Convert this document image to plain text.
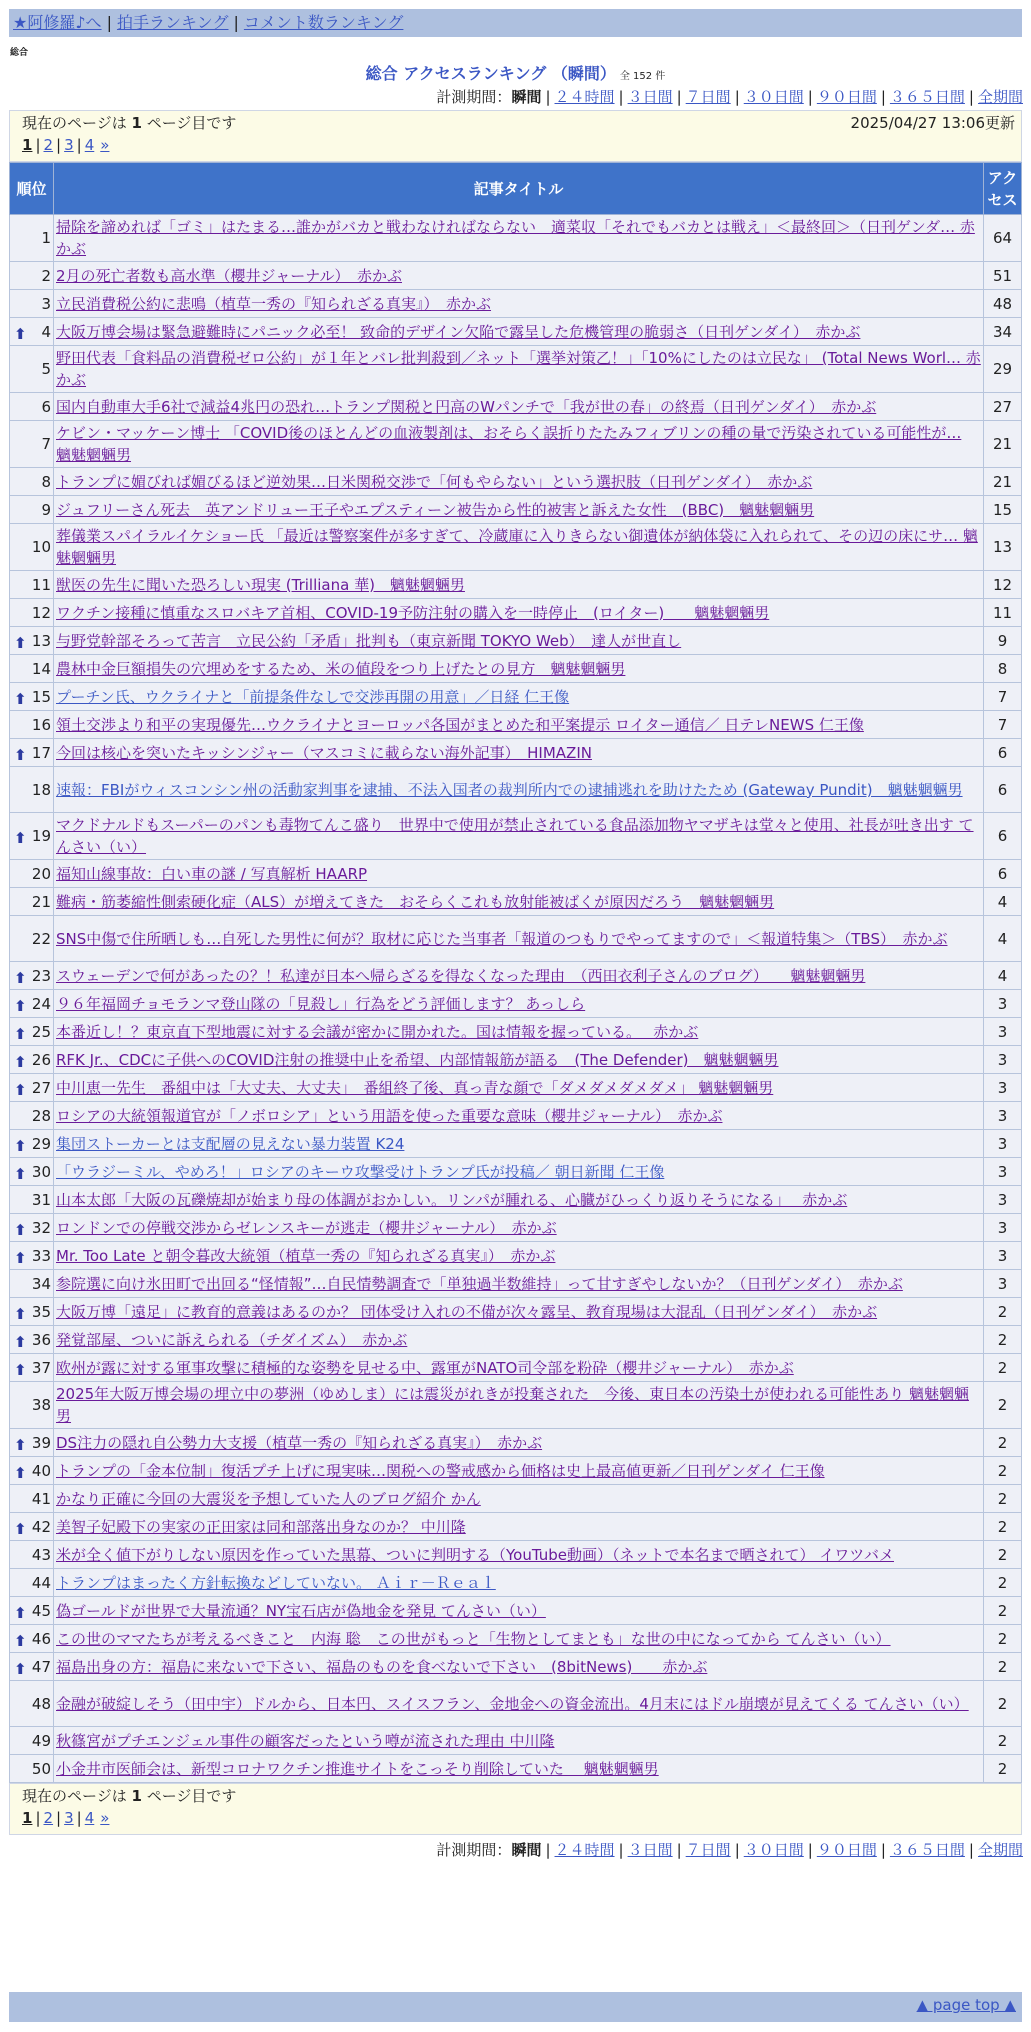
★阿修羅♪へ | 拍手ランキング | コメント数ランキング
総合
総合 アクセスランキング （瞬間） 全 152 件
計測期間：瞬間 | ２４時間 | ３日間 | ７日間 | ３０日間 | ９０日間 | ３６５日間 | 全期間
現在のページは 1 ページ目です	2025/04/27 13:06更新
1 | 2 | 3 | 4 »
順位	記事タイトル	アクセス
1	掃除を諦めれば「ゴミ」はたまる…誰かがバカと戦わなければならない　適菜収「それでもバカとは戦え」＜最終回＞（日刊ゲンダ… 赤かぶ	64
2	2月の死亡者数も高水準（櫻井ジャーナル）　赤かぶ	51
3	立民消費税公約に悲鳴（植草一秀の『知られざる真実』）　赤かぶ	48

⬆ 4	大阪万博会場は緊急避難時にパニック必至！ 致命的デザイン欠陥で露呈した危機管理の脆弱さ（日刊ゲンダイ）　赤かぶ	34
5	野田代表「食料品の消費税ゼロ公約」が１年とバレ批判殺到／ネット「選挙対策乙！」「10%にしたのは立民な」 (Total News Worl… 赤かぶ	29
6	国内自動車大手6社で減益4兆円の恐れ…トランプ関税と円高のWパンチで「我が世の春」の終焉（日刊ゲンダイ）　赤かぶ	27
7	ケビン・マッケーン博士 「COVID後のほとんどの血液製剤は、おそらく誤折りたたみフィブリンの種の量で汚染されている可能性が… 魑魅魍魎男	21
8	トランプに媚びれば媚びるほど逆効果…日米関税交渉で「何もやらない」という選択肢（日刊ゲンダイ）　赤かぶ	21
9	ジュフリーさん死去　英アンドリュー王子やエプスティーン被告から性的被害と訴えた女性　(BBC)　魑魅魍魎男	15
10	葬儀業スパイラルイケショー氏 「最近は警察案件が多すぎて、冷蔵庫に入りきらない御遺体が納体袋に入れられて、その辺の床にサ… 魑魅魍魎男	13
11	獣医の先生に聞いた恐ろしい現実 (Trilliana 華)　魑魅魍魎男	12
12	ワクチン接種に慎重なスロバキア首相、COVID-19予防注射の購入を一時停止　(ロイター)　　魑魅魍魎男	11

⬆ 13	与野党幹部そろって苦言　立民公約「矛盾」批判も（東京新聞 TOKYO Web）　達人が世直し	9
14	農林中金巨額損失の穴埋めをするため、米の値段をつり上げたとの見方　魑魅魍魎男	8

⬆ 15	プーチン氏、ウクライナと「前提条件なしで交渉再開の用意」／日経 仁王像	7
16	領土交渉より和平の実現優先…ウクライナとヨーロッパ各国がまとめた和平案提示 ロイター通信／ 日テレNEWS 仁王像	7

⬆ 17	今回は核心を突いたキッシンジャー（マスコミに載らない海外記事）　HIMAZIN	6
18	速報：FBIがウィスコンシン州の活動家判事を逮捕、不法入国者の裁判所内での逮捕逃れを助けたため (Gateway Pundit)　魑魅魍魎男	6

⬆ 19	マクドナルドもスーパーのパンも毒物てんこ盛り　世界中で使用が禁止されている食品添加物ヤマザキは堂々と使用、社長が吐き出す てんさい（い）	6
20	福知山線事故：白い車の謎 / 写真解析 HAARP	6
21	難病・筋萎縮性側索硬化症（ALS）が増えてきた　おそらくこれも放射能被ばくが原因だろう　魑魅魍魎男	4
22	SNS中傷で住所晒しも…自死した男性に何が？取材に応じた当事者「報道のつもりでやってますので」＜報道特集＞（TBS）　赤かぶ	4

⬆ 23	スウェーデンで何があったの？！私達が日本へ帰らざるを得なくなった理由　（西田衣利子さんのブログ）　　魑魅魍魎男	4

⬆ 24	９６年福岡チョモランマ登山隊の「見殺し」行為をどう評価します？ あっしら	3

⬆ 25	本番近し！？東京直下型地震に対する会議が密かに開かれた。国は情報を握っている。　 赤かぶ	3

⬆ 26	RFK Jr.、CDCに子供へのCOVID注射の推奨中止を希望、内部情報筋が語る　(The Defender)　魑魅魍魎男	3

⬆ 27	中川恵一先生　番組中は「大丈夫、大丈夫」　番組終了後、真っ青な顔で「ダメダメダメダメ」 魑魅魍魎男	3
28	ロシアの大統領報道官が「ノボロシア」という用語を使った重要な意味（櫻井ジャーナル）　赤かぶ	3

⬆ 29	集団ストーカーとは支配層の見えない暴力装置 K24	3

⬆ 30	「ウラジーミル、やめろ！」ロシアのキーウ攻撃受けトランプ氏が投稿／ 朝日新聞 仁王像	3
31	山本太郎「大阪の瓦礫焼却が始まり母の体調がおかしい。リンパが腫れる、心臓がひっくり返りそうになる」　 赤かぶ	3

⬆ 32	ロンドンでの停戦交渉からゼレンスキーが逃走（櫻井ジャーナル）　赤かぶ	3

⬆ 33	Mr. Too Late と朝令暮改大統領（植草一秀の『知られざる真実』）　赤かぶ	3
34	参院選に向け氷田町で出回る“怪情報”…自民情勢調査で「単独過半数維持」って甘すぎやしないか？（日刊ゲンダイ）　赤かぶ	3

⬆ 35	大阪万博「遠足」に教育的意義はあるのか？ 団体受け入れの不備が次々露呈、教育現場は大混乱（日刊ゲンダイ）　赤かぶ	2

⬆ 36	発覚部屋、ついに訴えられる（チダイズム）　赤かぶ	2

⬆ 37	欧州が露に対する軍事攻撃に積極的な姿勢を見せる中、露軍がNATO司令部を粉砕（櫻井ジャーナル）　赤かぶ	2
38	2025年大阪万博会場の埋立中の夢洲（ゆめしま）には震災がれきが投棄された　今後、東日本の汚染土が使われる可能性あり 魑魅魍魎男	2

⬆ 39	DS注力の隠れ自公勢力大支援（植草一秀の『知られざる真実』）　赤かぶ	2

⬆ 40	トランプの「金本位制」復活プチ上げに現実味…関税への警戒感から価格は史上最高値更新／日刊ゲンダイ 仁王像	2
41	かなり正確に今回の大震災を予想していた人のブログ紹介 かん	2

⬆ 42	美智子妃殿下の実家の正田家は同和部落出身なのか？ 中川隆	2
43	米が全く値下がりしない原因を作っていた黒幕、ついに判明する（YouTube動画）（ネットで本名まで晒されて） イワツバメ	2
44	トランプはまったく方針転換などしていない。 Ａｉｒ－Ｒｅａｌ	2

⬆ 45	偽ゴールドが世界で大量流通？NY宝石店が偽地金を発見 てんさい（い）	2

⬆ 46	この世のママたちが考えるべきこと　内海 聡　この世がもっと「生物としてまとも」な世の中になってから てんさい（い）	2

⬆ 47	福島出身の方：福島に来ないで下さい、福島のものを食べないで下さい　(8bitNews)　　赤かぶ	2
48	金融が破綻しそう（田中宇）ドルから、日本円、スイスフラン、金地金への資金流出。4月末にはドル崩壊が見えてくる てんさい（い）	2
49	秋篠宮がプチエンジェル事件の顧客だったという噂が流された理由 中川隆	2
50	小金井市医師会は、新型コロナワクチン推進サイトをこっそり削除していた　 魑魅魍魎男	2
現在のページは 1 ページ目です
1 | 2 | 3 | 4 »
計測期間：瞬間 | ２４時間 | ３日間 | ７日間 | ３０日間 | ９０日間 | ３６５日間 | 全期間
▲ page top ▲
